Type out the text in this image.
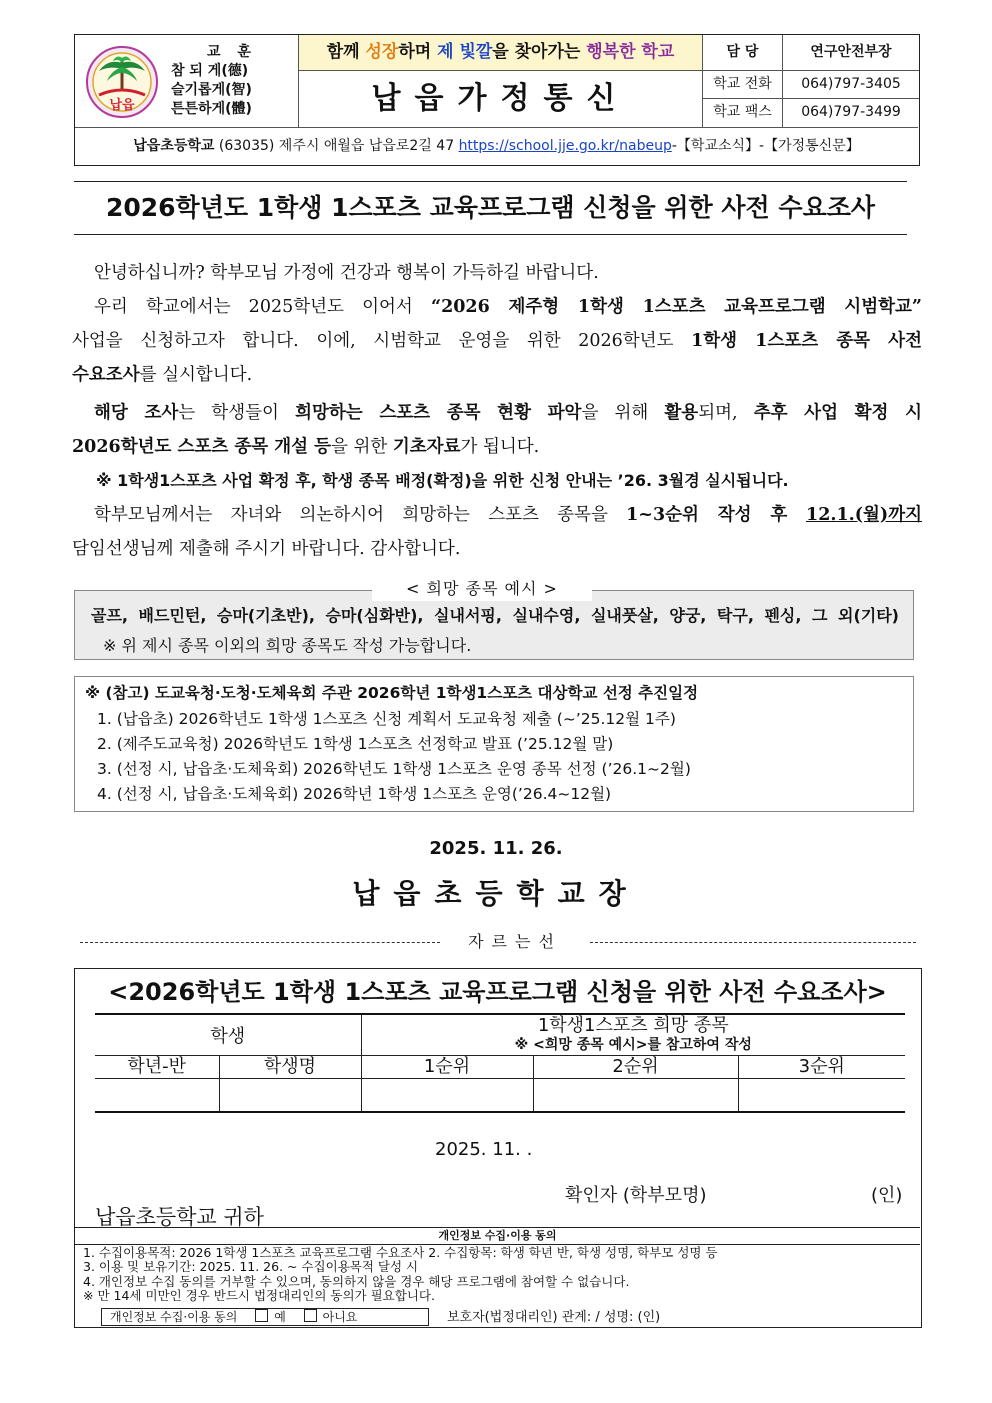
납읍
교 훈
참 되 게(德)
슬기롭게(智)
튼튼하게(體)
함께 성장하며 제 빛깔을 찾아가는 행복한 학교
납읍가정통신
담 당	연구안전부장
학교 전화	064)797-3405
학교 팩스	064)797-3499
납읍초등학교 (63035) 제주시 애월읍 납읍로2길 47 https://school.jje.go.kr/nabeup-【학교소식】-【가정통신문】
2026학년도 1학생 1스포츠 교육프로그램 신청을 위한 사전 수요조사
안녕하십니까? 학부모님 가정에 건강과 행복이 가득하길 바랍니다.
우리 학교에서는 2025학년도 이어서 “2026 제주형 1학생 1스포츠 교육프로그램 시범학교”
사업을 신청하고자 합니다. 이에, 시범학교 운영을 위한 2026학년도 1학생 1스포츠 종목 사전
수요조사를 실시합니다.
해당 조사는 학생들이 희망하는 스포츠 종목 현황 파악을 위해 활용되며, 추후 사업 확정 시
2026학년도 스포츠 종목 개설 등을 위한 기초자료가 됩니다.
※ 1학생1스포츠 사업 확정 후, 학생 종목 배정(확정)을 위한 신청 안내는 ’26. 3월경 실시됩니다.
학부모님께서는 자녀와 의논하시어 희망하는 스포츠 종목을 1~3순위 작성 후 12.1.(월)까지
담임선생님께 제출해 주시기 바랍니다. 감사합니다.
골프, 배드민턴, 승마(기초반), 승마(심화반), 실내서핑, 실내수영, 실내풋살, 양궁, 탁구, 펜싱, 그 외(기타)
※ 위 제시 종목 이외의 희망 종목도 작성 가능합니다.
< 희망 종목 예시 >
※ (참고) 도교육청·도청·도체육회 주관 2026학년 1학생1스포츠 대상학교 선정 추진일정
1. (납읍초) 2026학년도 1학생 1스포츠 신청 계획서 도교육청 제출 (~’25.12월 1주)
2. (제주도교육청) 2026학년도 1학생 1스포츠 선정학교 발표 (’25.12월 말)
3. (선정 시, 납읍초·도체육회) 2026학년도 1학생 1스포츠 운영 종목 선정 (’26.1~2월)
4. (선정 시, 납읍초·도체육회) 2026학년 1학생 1스포츠 운영(’26.4~12월)
2025. 11. 26.
납읍초등학교장
자르는선
<2026학년도 1학생 1스포츠 교육프로그램 신청을 위한 사전 수요조사>
학생		1학생1스포츠 희망 종목
※ <희망 종목 예시>를 참고하여 작성		

학년-반	학생명	1순위	2순위	3순위

2025. 11. .
확인자 (학부모명)	(인)
납읍초등학교 귀하
개인정보 수집·이용 동의
1. 수집이용목적: 2026 1학생 1스포츠 교육프로그램 수요조사 2. 수집항목: 학생 학년 반, 학생 성명, 학부모 성명 등
3. 이용 및 보유기간: 2025. 11. 26. ~ 수집이용목적 달성 시
4. 개인정보 수집 동의를 거부할 수 있으며, 동의하지 않을 경우 해당 프로그램에 참여할 수 없습니다.
※ 만 14세 미만인 경우 반드시 법정대리인의 동의가 필요합니다.
개인정보 수집·이용 동의	예	아니요	보호자(법정대리인) 관계: / 성명: (인)
